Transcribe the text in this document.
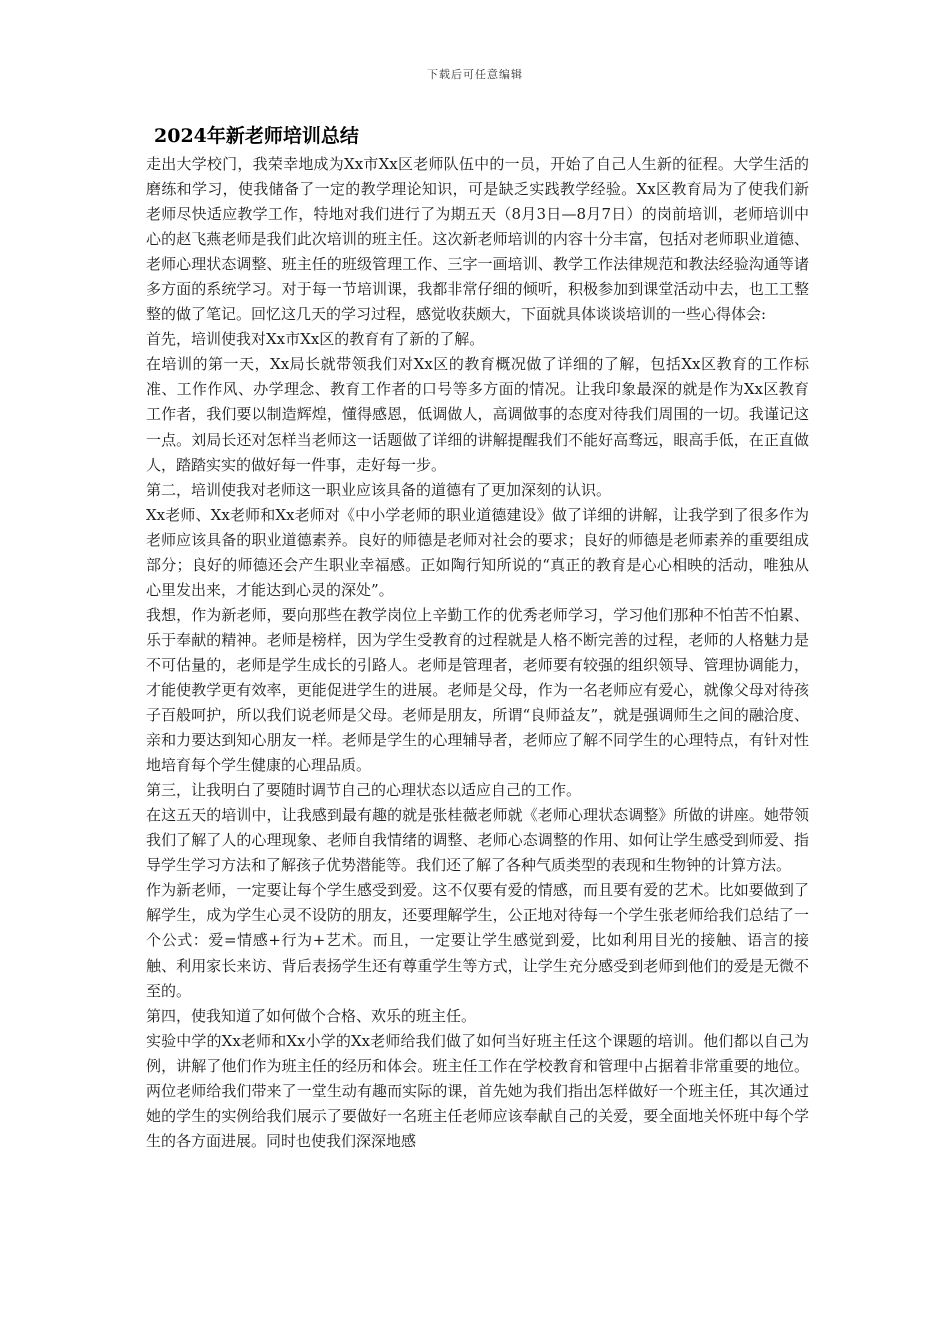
下载后可任意编辑
2024年新老师培训总结

走出大学校门，我荣幸地成为Xx市Xx区老师队伍中的一员，开始了自己人生新的征程。大学生活的磨练和学习，使我储备了一定的教学理论知识，可是缺乏实践教学经验。Xx区教育局为了使我们新老师尽快适应教学工作，特地对我们进行了为期五天（8月3日—8月7日）的岗前培训，老师培训中心的赵飞燕老师是我们此次培训的班主任。这次新老师培训的内容十分丰富，包括对老师职业道德、老师心理状态调整、班主任的班级管理工作、三字一画培训、教学工作法律规范和教法经验沟通等诸多方面的系统学习。对于每一节培训课，我都非常仔细的倾听，积极参加到课堂活动中去，也工工整整的做了笔记。回忆这几天的学习过程，感觉收获颇大，下面就具体谈谈培训的一些心得体会:

首先，培训使我对Xx市Xx区的教育有了新的了解。

在培训的第一天，Xx局长就带领我们对Xx区的教育概况做了详细的了解，包括Xx区教育的工作标准、工作作风、办学理念、教育工作者的口号等多方面的情况。让我印象最深的就是作为Xx区教育工作者，我们要以制造辉煌，懂得感恩，低调做人，高调做事的态度对待我们周围的一切。我谨记这一点。刘局长还对怎样当老师这一话题做了详细的讲解提醒我们不能好高骛远，眼高手低，在正直做人，踏踏实实的做好每一件事，走好每一步。

第二，培训使我对老师这一职业应该具备的道德有了更加深刻的认识。

Xx老师、Xx老师和Xx老师对《中小学老师的职业道德建设》做了详细的讲解，让我学到了很多作为老师应该具备的职业道德素养。良好的师德是老师对社会的要求；良好的师德是老师素养的重要组成部分；良好的师德还会产生职业幸福感。正如陶行知所说的“真正的教育是心心相映的活动，唯独从心里发出来，才能达到心灵的深处”。

我想，作为新老师，要向那些在教学岗位上辛勤工作的优秀老师学习，学习他们那种不怕苦不怕累、乐于奉献的精神。老师是榜样，因为学生受教育的过程就是人格不断完善的过程，老师的人格魅力是不可估量的，老师是学生成长的引路人。老师是管理者，老师要有较强的组织领导、管理协调能力，才能使教学更有效率，更能促进学生的进展。老师是父母，作为一名老师应有爱心，就像父母对待孩子百般呵护，所以我们说老师是父母。老师是朋友，所谓“良师益友”，就是强调师生之间的融洽度、亲和力要达到知心朋友一样。老师是学生的心理辅导者，老师应了解不同学生的心理特点，有针对性地培育每个学生健康的心理品质。

第三，让我明白了要随时调节自己的心理状态以适应自己的工作。

在这五天的培训中，让我感到最有趣的就是张桂薇老师就《老师心理状态调整》所做的讲座。她带领我们了解了人的心理现象、老师自我情绪的调整、老师心态调整的作用、如何让学生感受到师爱、指导学生学习方法和了解孩子优势潜能等。我们还了解了各种气质类型的表现和生物钟的计算方法。

作为新老师，一定要让每个学生感受到爱。这不仅要有爱的情感，而且要有爱的艺术。比如要做到了解学生，成为学生心灵不设防的朋友，还要理解学生，公正地对待每一个学生张老师给我们总结了一个公式：爱=情感+行为+艺术。而且，一定要让学生感觉到爱，比如利用目光的接触、语言的接触、利用家长来访、背后表扬学生还有尊重学生等方式，让学生充分感受到老师到他们的爱是无微不至的。

第四，使我知道了如何做个合格、欢乐的班主任。

实验中学的Xx老师和Xx小学的Xx老师给我们做了如何当好班主任这个课题的培训。他们都以自己为例，讲解了他们作为班主任的经历和体会。班主任工作在学校教育和管理中占据着非常重要的地位。两位老师给我们带来了一堂生动有趣而实际的课，首先她为我们指出怎样做好一个班主任，其次通过她的学生的实例给我们展示了要做好一名班主任老师应该奉献自己的关爱，要全面地关怀班中每个学生的各方面进展。同时也使我们深深地感
